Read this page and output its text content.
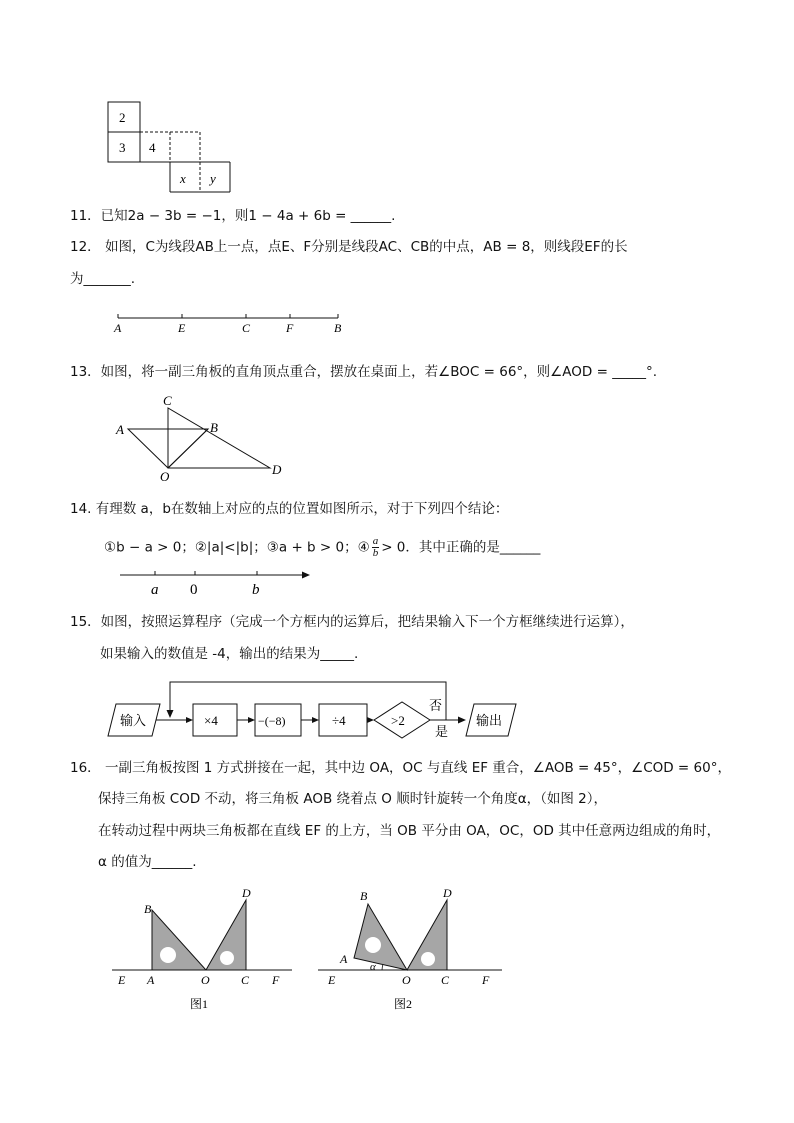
2
3 4
x y
11．已知2a − 3b = −1，则1 − 4a + 6b = ______.
12． 如图，C为线段AB上一点，点E、F分别是线段AC、CB的中点，AB = 8，则线段EF的长
为_______.
A	E	C	F	B
13．如图，将一副三角板的直角顶点重合，摆放在桌面上，若∠BOC = 66°，则∠AOD = _____°.
C
A	B
O	D
14. 有理数 a，b在数轴上对应的点的位置如图所示，对于下列四个结论：
①b − a > 0；②|a|<|b|；③a + b > 0；④ $\frac{a}{b} > 0$．其中正确的是______
a 0	b
15．如图，按照运算程序（完成一个方框内的运算后，把结果输入下一个方框继续进行运算），
如果输入的数值是 -4，输出的结果为_____.
输入	×4	−(−8)	÷4	>2
否
是
输出
16． 一副三角板按图 1 方式拼接在一起，其中边 OA，OC 与直线 EF 重合，∠AOB = 45°，∠COD = 60°，
保持三角板 COD 不动，将三角板 AOB 绕着点 O 顺时针旋转一个角度α，（如图 2），
在转动过程中两块三角板都在直线 EF 的上方，当 OB 平分由 OA，OC，OD 其中任意两边组成的角时，
α 的值为______.
B
D
E A	O	C F
图1
B	D
A
α
E	O	C	F
图2
